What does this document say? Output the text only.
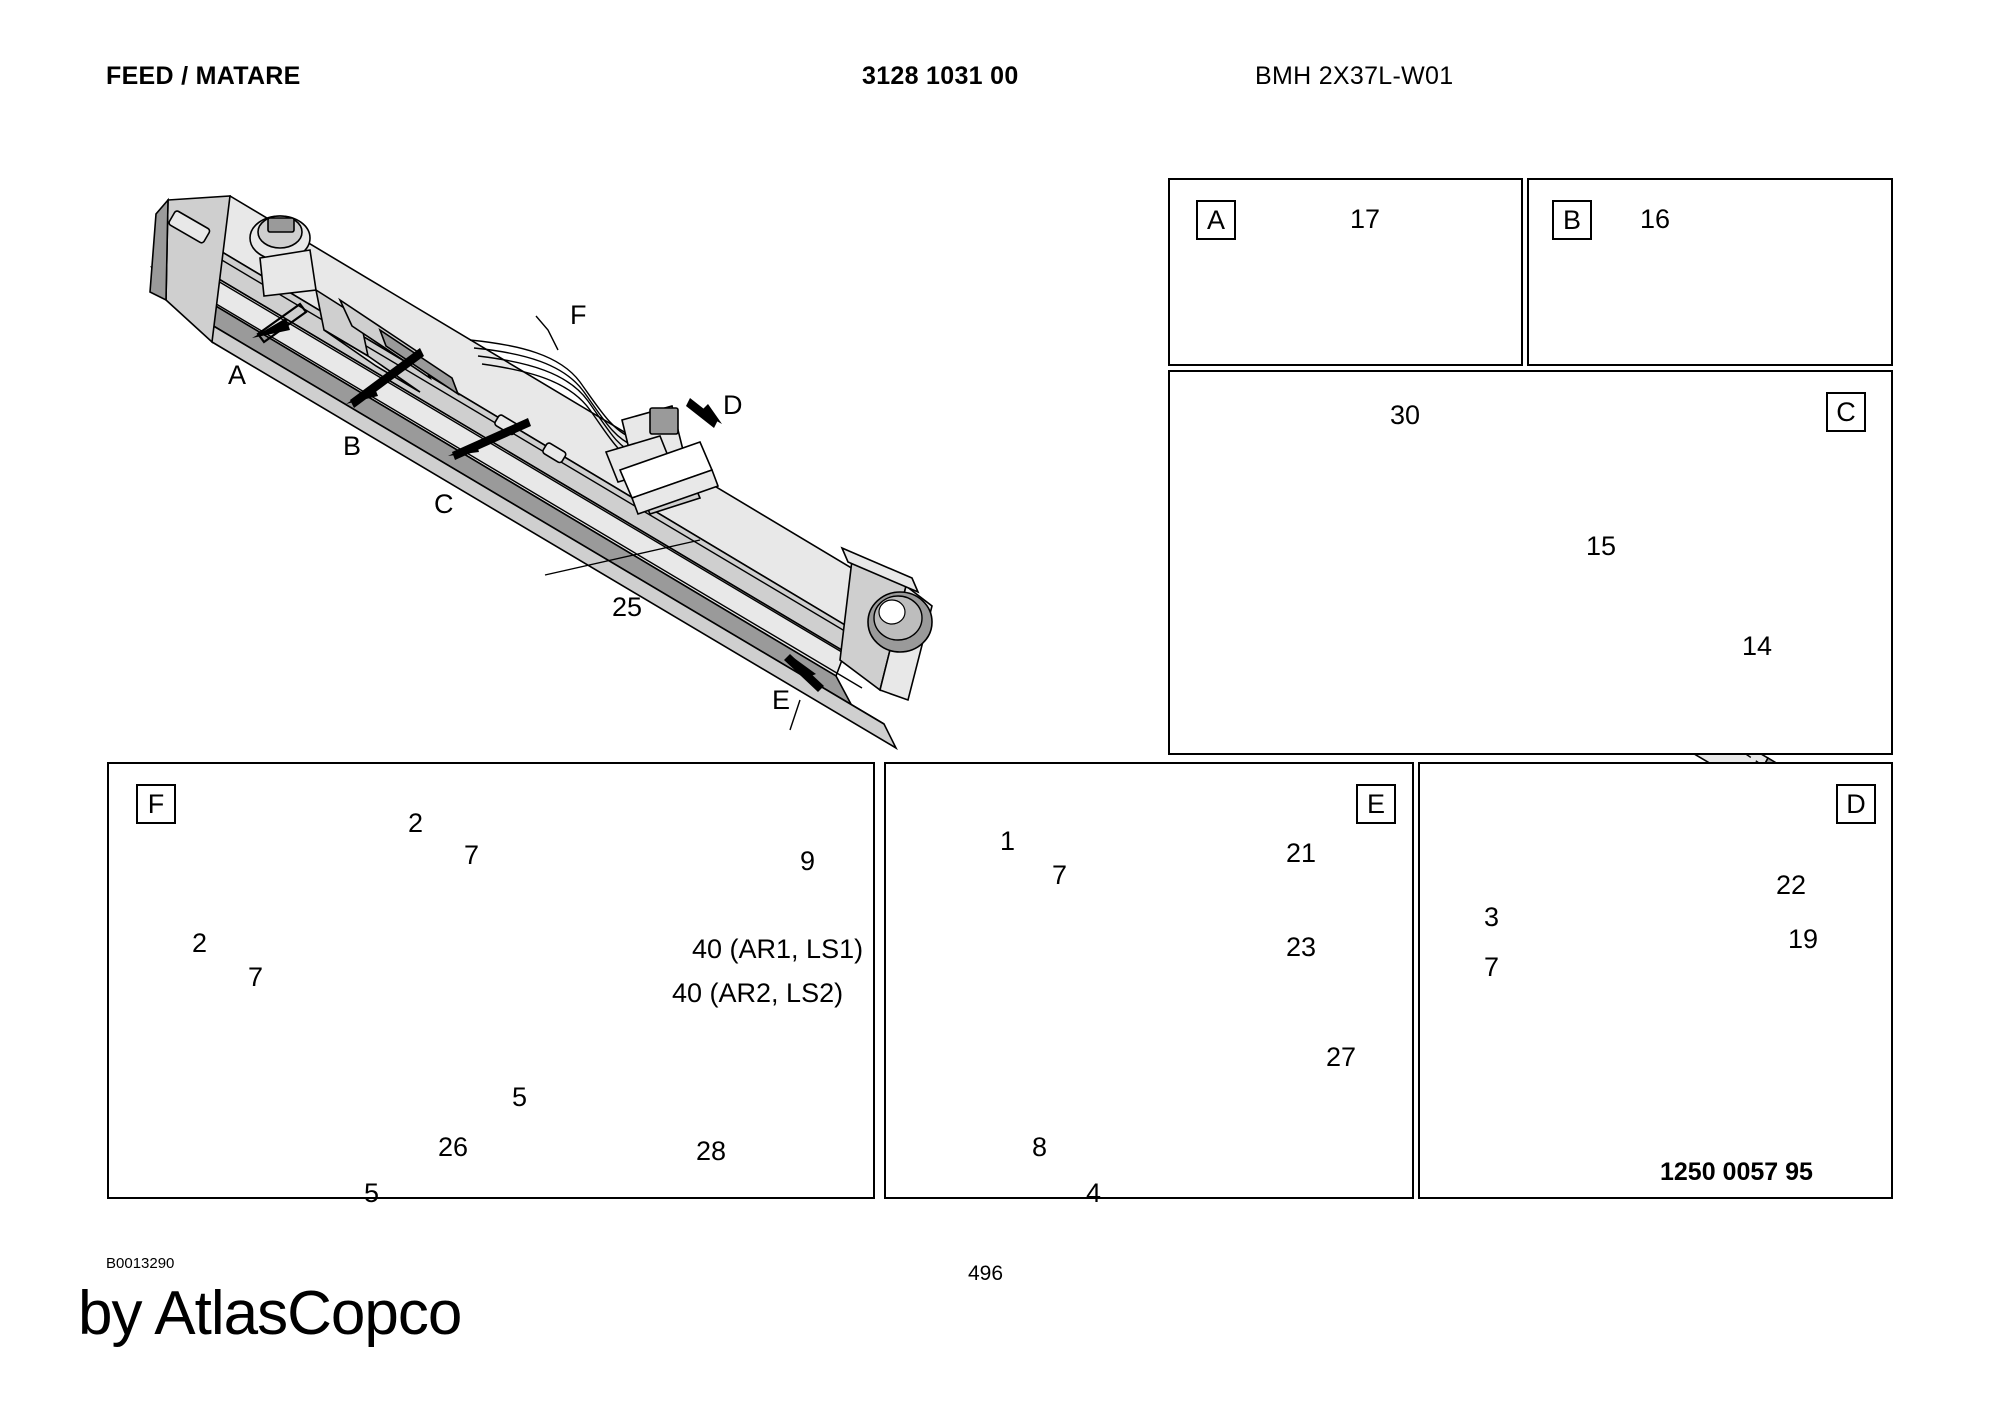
FEED / MATARE	3128 1031 00	BMH 2X37L-W01
A	B
C
F	E	D
A
B
C
D
E
F
25
17	16
30
15
14
2
7
2
7
9
40 (AR1, LS1)
40 (AR2, LS2)
5
5
26	28
1
7
21
23
27
8
4
3
7
22
19
B0013290	496
by AtlasCopco
1250 0057 95
